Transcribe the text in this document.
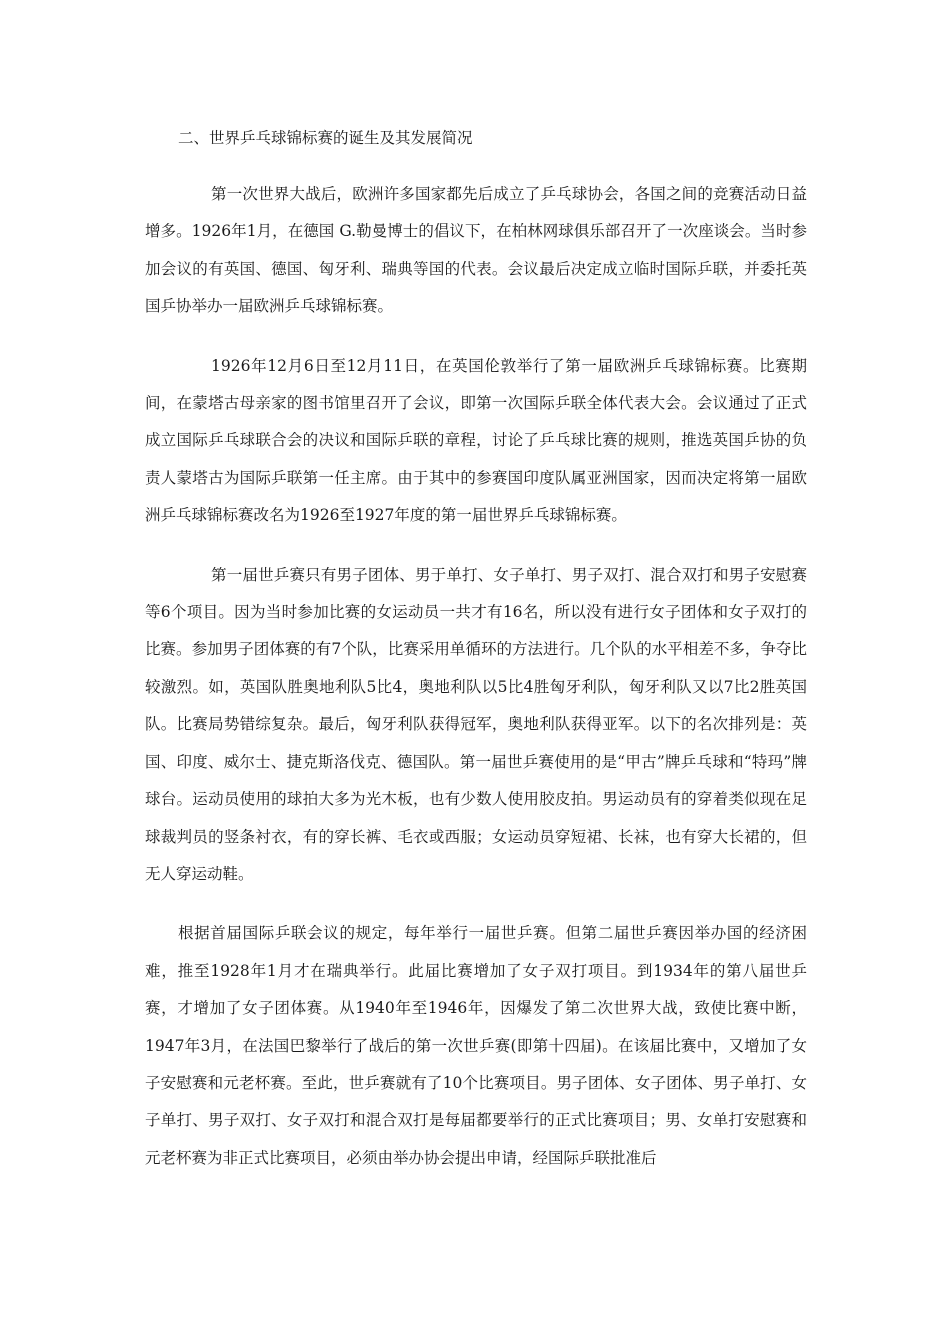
二、世界乒乓球锦标赛的诞生及其发展简况

第一次世界大战后，欧洲许多国家都先后成立了乒乓球协会，各国之间的竞赛活动日益增多。1926年1月，在德国 G.勒曼博士的倡议下，在柏林网球俱乐部召开了一次座谈会。当时参加会议的有英国、德国、匈牙利、瑞典等国的代表。会议最后决定成立临时国际乒联，并委托英国乒协举办一届欧洲乒乓球锦标赛。

1926年12月6日至12月11日，在英国伦敦举行了第一届欧洲乒乓球锦标赛。比赛期间，在蒙塔古母亲家的图书馆里召开了会议，即第一次国际乒联全体代表大会。会议通过了正式成立国际乒乓球联合会的决议和国际乒联的章程，讨论了乒乓球比赛的规则，推选英国乒协的负责人蒙塔古为国际乒联第一任主席。由于其中的参赛国印度队属亚洲国家，因而决定将第一届欧洲乒乓球锦标赛改名为1926至1927年度的第一届世界乒乓球锦标赛。

第一届世乒赛只有男子团体、男于单打、女子单打、男子双打、混合双打和男子安慰赛等6个项目。因为当时参加比赛的女运动员一共才有16名，所以没有进行女子团体和女子双打的比赛。参加男子团体赛的有7个队，比赛采用单循环的方法进行。几个队的水平相差不多，争夺比较激烈。如，英国队胜奥地利队5比4，奥地利队以5比4胜匈牙利队，匈牙利队又以7比2胜英国队。比赛局势错综复杂。最后，匈牙利队获得冠军，奥地利队获得亚军。以下的名次排列是：英国、印度、威尔士、捷克斯洛伐克、德国队。第一届世乒赛使用的是“甲古”牌乒乓球和“特玛”牌球台。运动员使用的球拍大多为光木板，也有少数人使用胶皮拍。男运动员有的穿着类似现在足球裁判员的竖条衬衣，有的穿长裤、毛衣或西服；女运动员穿短裙、长袜，也有穿大长裙的，但无人穿运动鞋。

根据首届国际乒联会议的规定，每年举行一届世乒赛。但第二届世乒赛因举办国的经济困难，推至1928年1月才在瑞典举行。此届比赛增加了女子双打项目。到1934年的第八届世乒赛，才增加了女子团体赛。从1940年至1946年，因爆发了第二次世界大战，致使比赛中断，1947年3月，在法国巴黎举行了战后的第一次世乒赛(即第十四届)。在该届比赛中，又增加了女子安慰赛和元老杯赛。至此，世乒赛就有了10个比赛项目。男子团体、女子团体、男子单打、女子单打、男子双打、女子双打和混合双打是每届都要举行的正式比赛项目；男、女单打安慰赛和元老杯赛为非正式比赛项目，必须由举办协会提出申请，经国际乒联批准后
